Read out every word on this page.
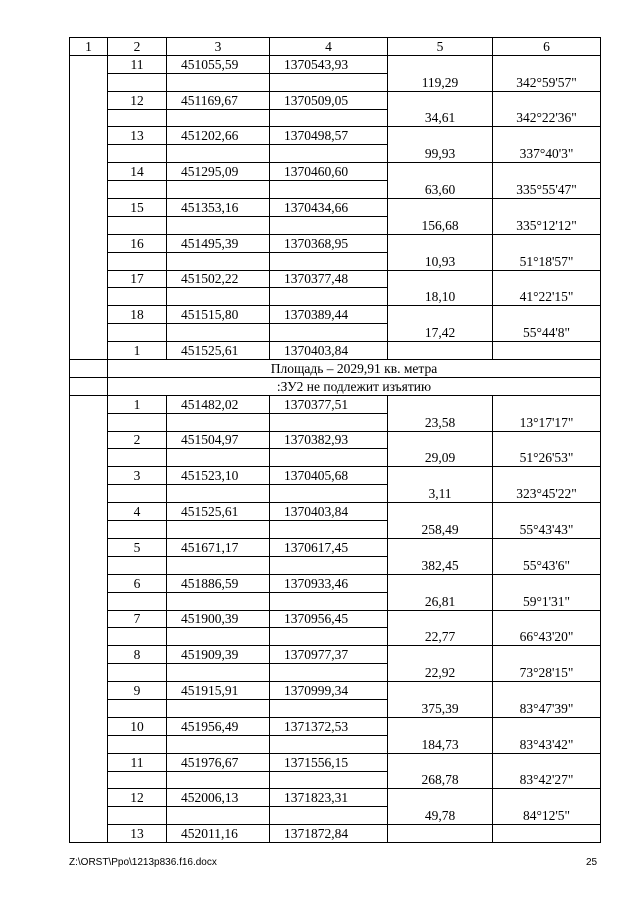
1	2	3	4	5	6
	11	451055,59	1370543,93		
				119,29	342°59'57"
	12	451169,67	1370509,05		
				34,61	342°22'36"
	13	451202,66	1370498,57		
				99,93	337°40'3"
	14	451295,09	1370460,60		
				63,60	335°55'47"
	15	451353,16	1370434,66		
				156,68	335°12'12"
	16	451495,39	1370368,95		
				10,93	51°18'57"
	17	451502,22	1370377,48		
				18,10	41°22'15"
	18	451515,80	1370389,44		
				17,42	55°44'8"
	1	451525,61	1370403,84		
	Площадь – 2029,91 кв. метра				
	:ЗУ2 не подлежит изъятию				
	1	451482,02	1370377,51		
				23,58	13°17'17"
	2	451504,97	1370382,93		
				29,09	51°26'53"
	3	451523,10	1370405,68		
				3,11	323°45'22"
	4	451525,61	1370403,84		
				258,49	55°43'43"
	5	451671,17	1370617,45		
				382,45	55°43'6"
	6	451886,59	1370933,46		
				26,81	59°1'31"
	7	451900,39	1370956,45		
				22,77	66°43'20"
	8	451909,39	1370977,37		
				22,92	73°28'15"
	9	451915,91	1370999,34		
				375,39	83°47'39"
	10	451956,49	1371372,53		
				184,73	83°43'42"
	11	451976,67	1371556,15		
				268,78	83°42'27"
	12	452006,13	1371823,31		
				49,78	84°12'5"
	13	452011,16	1371872,84		
Z:\ORST\Ppo\1213p836.f16.docx	25
